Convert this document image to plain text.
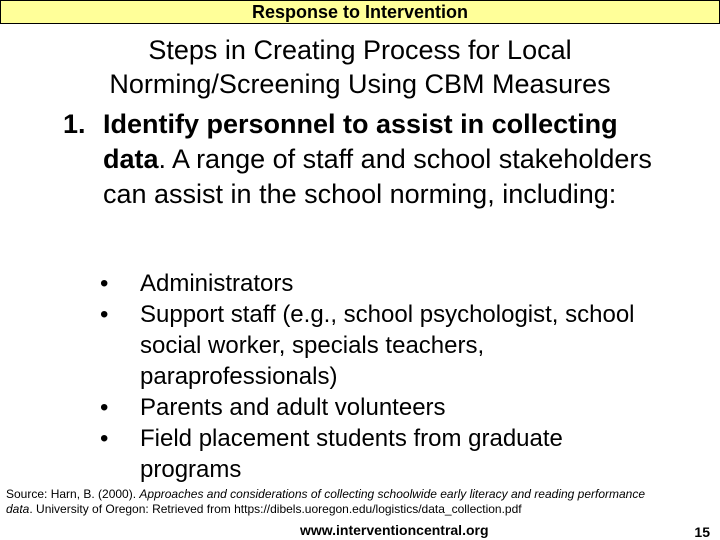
Response to Intervention
Steps in Creating Process for Local
Norming/Screening Using CBM Measures
1. Identify personnel to assist in collecting data. A range of staff and school stakeholders can assist in the school norming, including:
• Administrators
• Support staff (e.g., school psychologist, school social worker, specials teachers, paraprofessionals)
• Parents and adult volunteers
• Field placement students from graduate programs
Source: Harn, B. (2000). Approaches and considerations of collecting schoolwide early literacy and reading performance data. University of Oregon: Retrieved from https://dibels.uoregon.edu/logistics/data_collection.pdf
www.interventioncentral.org	15
